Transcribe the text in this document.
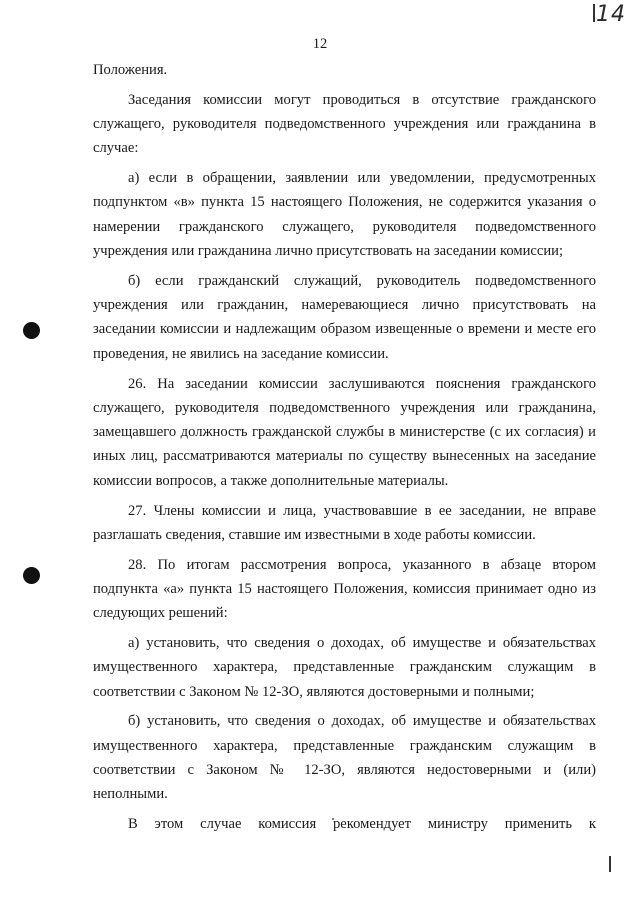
12
14

Положения.

Заседания комиссии могут проводиться в отсутствие гражданского служащего, руководителя подведомственного учреждения или гражданина в случае:

а) если в обращении, заявлении или уведомлении, предусмотренных подпунктом «в» пункта 15 настоящего Положения, не содержится указания о намерении гражданского служащего, руководителя подведомственного учреждения или гражданина лично присутствовать на заседании комиссии;

б) если гражданский служащий, руководитель подведомственного учреждения или гражданин, намеревающиеся лично присутствовать на заседании комиссии и надлежащим образом извещенные о времени и месте его проведения, не явились на заседание комиссии.

26. На заседании комиссии заслушиваются пояснения гражданского служащего, руководителя подведомственного учреждения или гражданина, замещавшего должность гражданской службы в министерстве (с их согласия) и иных лиц, рассматриваются материалы по существу вынесенных на заседание комиссии вопросов, а также дополнительные материалы.

27. Члены комиссии и лица, участвовавшие в ее заседании, не вправе разглашать сведения, ставшие им известными в ходе работы комиссии.

28. По итогам рассмотрения вопроса, указанного в абзаце втором подпункта «а» пункта 15 настоящего Положения, комиссия принимает одно из следующих решений:

а) установить, что сведения о доходах, об имуществе и обязательствах имущественного характера, представленные гражданским служащим в соответствии с Законом № 12-ЗО, являются достоверными и полными;

б) установить, что сведения о доходах, об имуществе и обязательствах имущественного характера, представленные гражданским служащим в соответствии с Законом № 12-ЗО, являются недостоверными и (или) неполными.

В этом случае комиссия рекомендует министру применить к
